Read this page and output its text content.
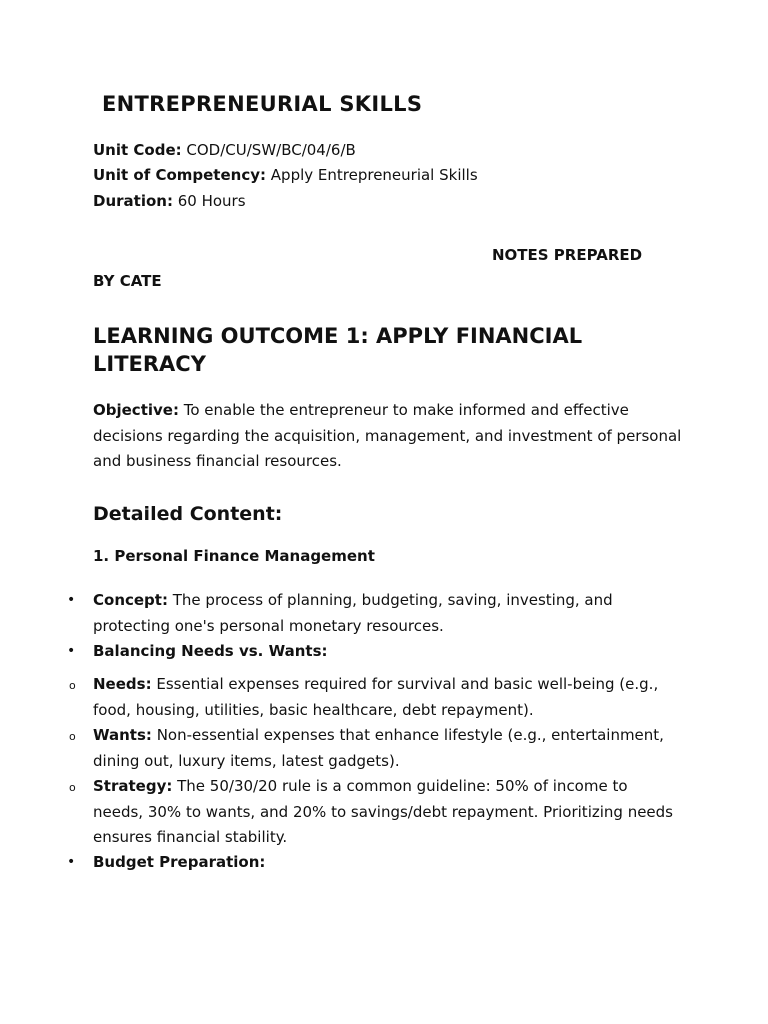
ENTREPRENEURIAL SKILLS

Unit Code: COD/CU/SW/BC/04/6/B

Unit of Competency: Apply Entrepreneurial Skills

Duration: 60 Hours

NOTES PREPARED

BY CATE

LEARNING OUTCOME 1: APPLY FINANCIAL LITERACY

Objective: To enable the entrepreneur to make informed and effective decisions regarding the acquisition, management, and investment of personal and business financial resources.

Detailed Content:

1. Personal Finance Management

• Concept: The process of planning, budgeting, saving, investing, and protecting one's personal monetary resources.

• Balancing Needs vs. Wants:

o Needs: Essential expenses required for survival and basic well-being (e.g., food, housing, utilities, basic healthcare, debt repayment).

o Wants: Non-essential expenses that enhance lifestyle (e.g., entertainment, dining out, luxury items, latest gadgets).

o Strategy: The 50/30/20 rule is a common guideline: 50% of income to needs, 30% to wants, and 20% to savings/debt repayment. Prioritizing needs ensures financial stability.

• Budget Preparation:
